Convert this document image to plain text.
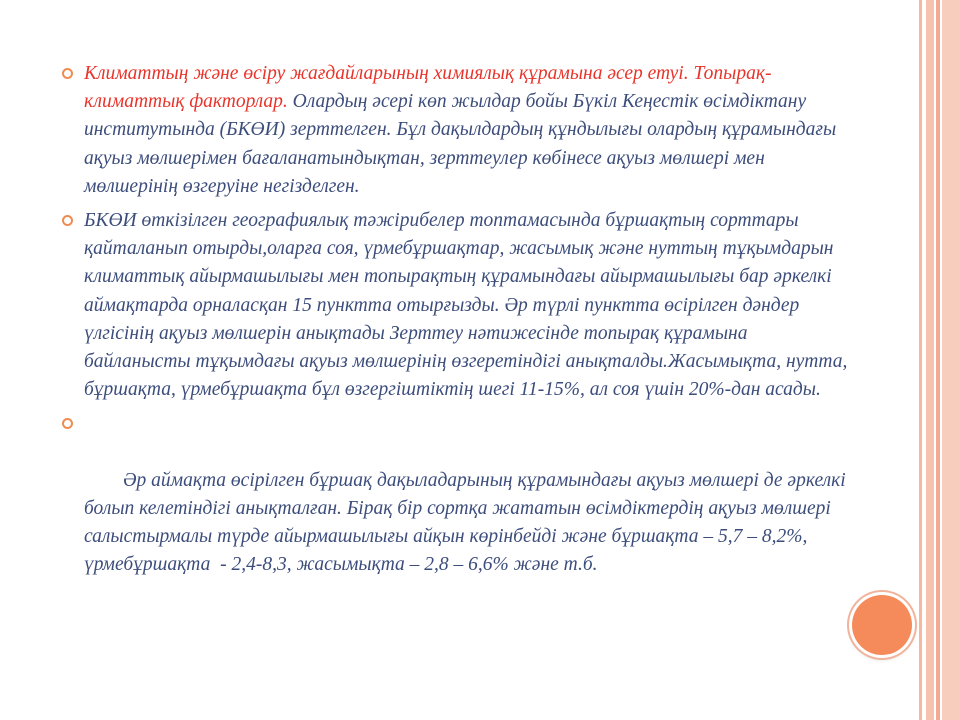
Климаттың және өсіру жағдайларының химиялық құрамына әсер етуі. Топырақ-климаттық факторлар. Олардың әсері көп жылдар бойы Бүкіл Кеңестік өсімдіктану институтында (БКӨИ) зерттелген. Бұл дақылдардың құндылығы олардың құрамындағы ақуыз мөлшерімен бағаланатындықтан, зерттеулер көбінесе ақуыз мөлшері мен мөлшерінің өзгеруіне негізделген.
БКӨИ өткізілген географиялық тәжірибелер топтамасында бұршақтың сорттары қайталанып отырды,оларға соя, үрмебұршақтар, жасымық және нуттың тұқымдарын климаттық айырмашылығы мен топырақтың құрамындағы айырмашылығы бар әркелкі аймақтарда орналасқан 15 пунктта отырғызды. Әр түрлі пунктта өсірілген дәндер үлгісінің ақуыз мөлшерін анықтады Зерттеу нәтижесінде топырақ құрамына байланысты тұқымдағы ақуыз мөлшерінің өзгеретіндігі анықталды.Жасымықта, нутта, бұршақта, үрмебұршақта бұл өзгергіштіктің шегі 11-15%, ал соя үшін 20%-дан асады.

Әр аймақта өсірілген бұршақ дақыладарының құрамындағы ақуыз мөлшері де әркелкі болып келетіндігі анықталған. Бірақ бір сортқа жататын өсімдіктердің ақуыз мөлшері салыстырмалы түрде айырмашылығы айқын көрінбейді және бұршақта – 5,7 – 8,2%, үрмебұршақта  - 2,4-8,3, жасымықта – 2,8 – 6,6% және т.б.
